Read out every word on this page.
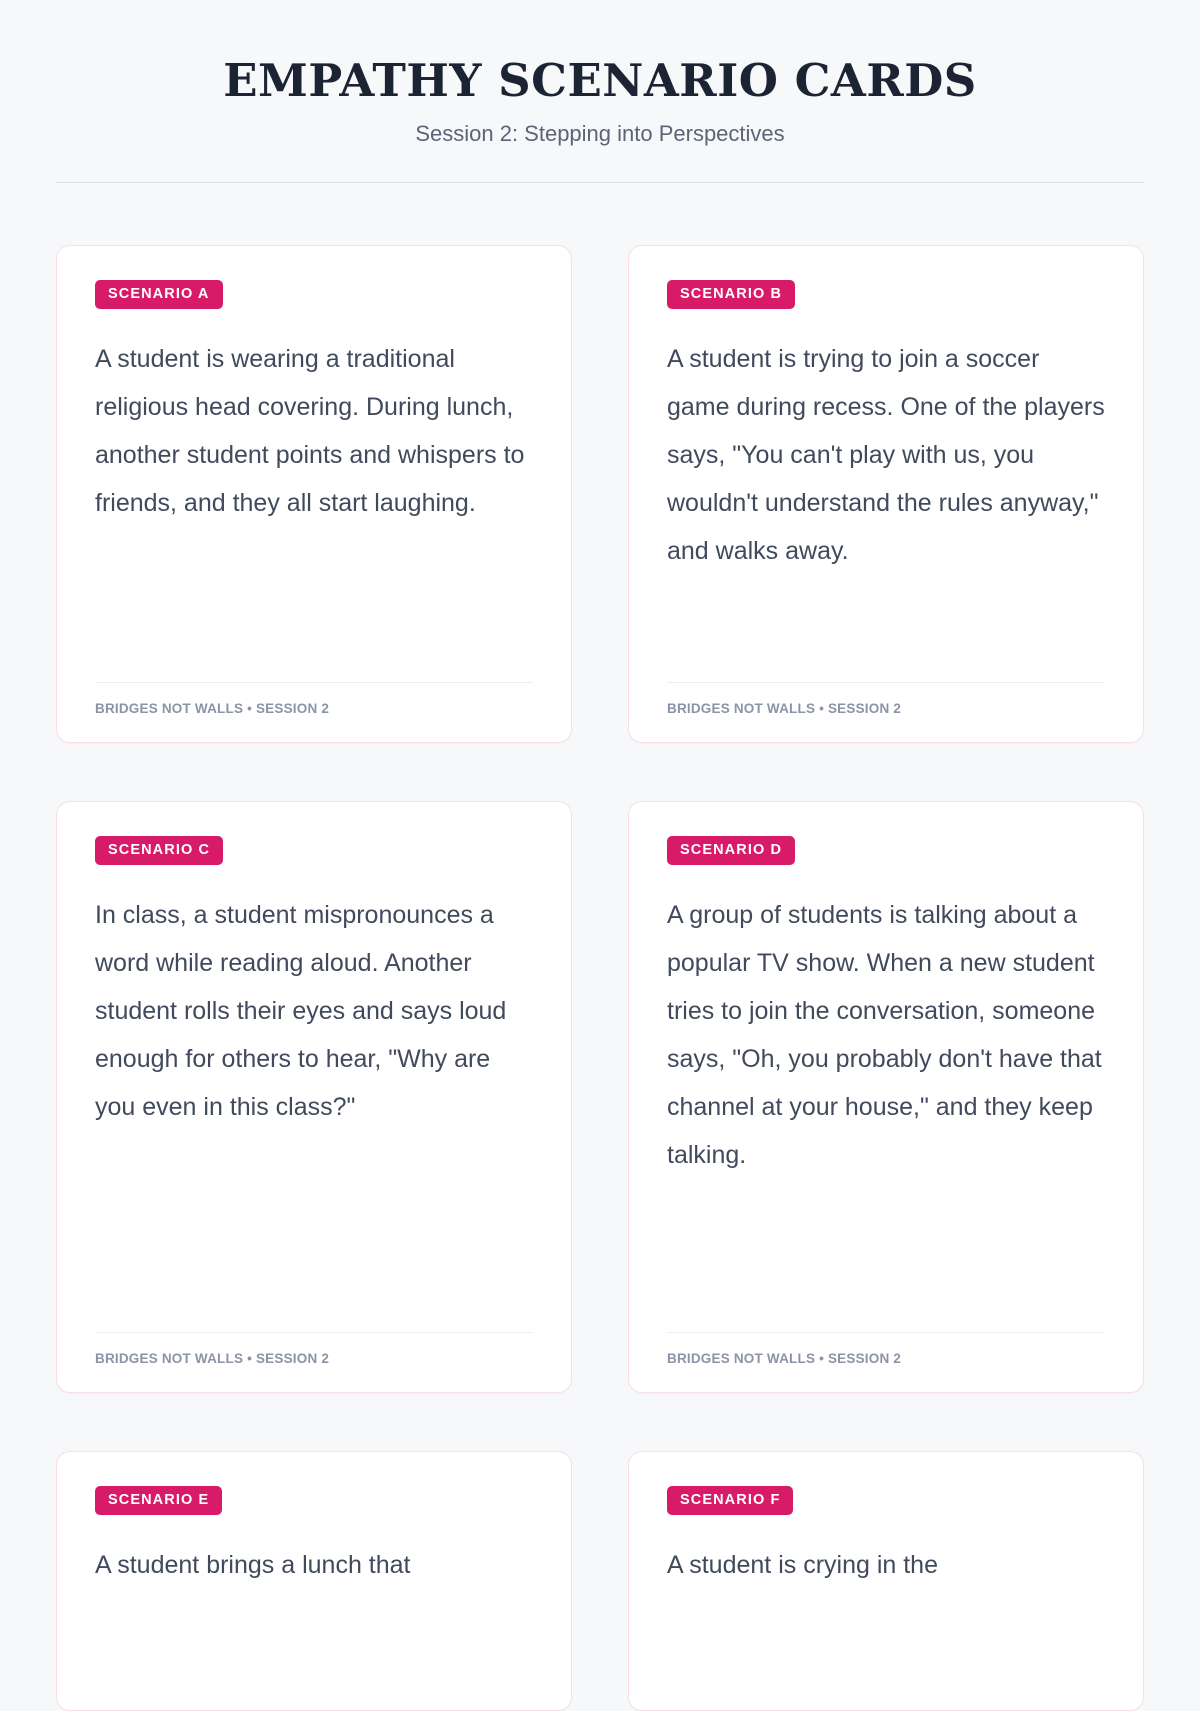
EMPATHY SCENARIO CARDS

Session 2: Stepping into Perspectives

SCENARIO A
A student is wearing a traditional religious head covering. During lunch, another student points and whispers to friends, and they all start laughing.
BRIDGES NOT WALLS • SESSION 2
SCENARIO B
A student is trying to join a soccer game during recess. One of the players says, "You can't play with us, you wouldn't understand the rules anyway," and walks away.
BRIDGES NOT WALLS • SESSION 2
SCENARIO C
In class, a student mispronounces a word while reading aloud. Another student rolls their eyes and says loud enough for others to hear, "Why are you even in this class?"
BRIDGES NOT WALLS • SESSION 2
SCENARIO D
A group of students is talking about a popular TV show. When a new student tries to join the conversation, someone says, "Oh, you probably don't have that channel at your house," and they keep talking.
BRIDGES NOT WALLS • SESSION 2
SCENARIO E
A student brings a lunch that
SCENARIO F
A student is crying in the
